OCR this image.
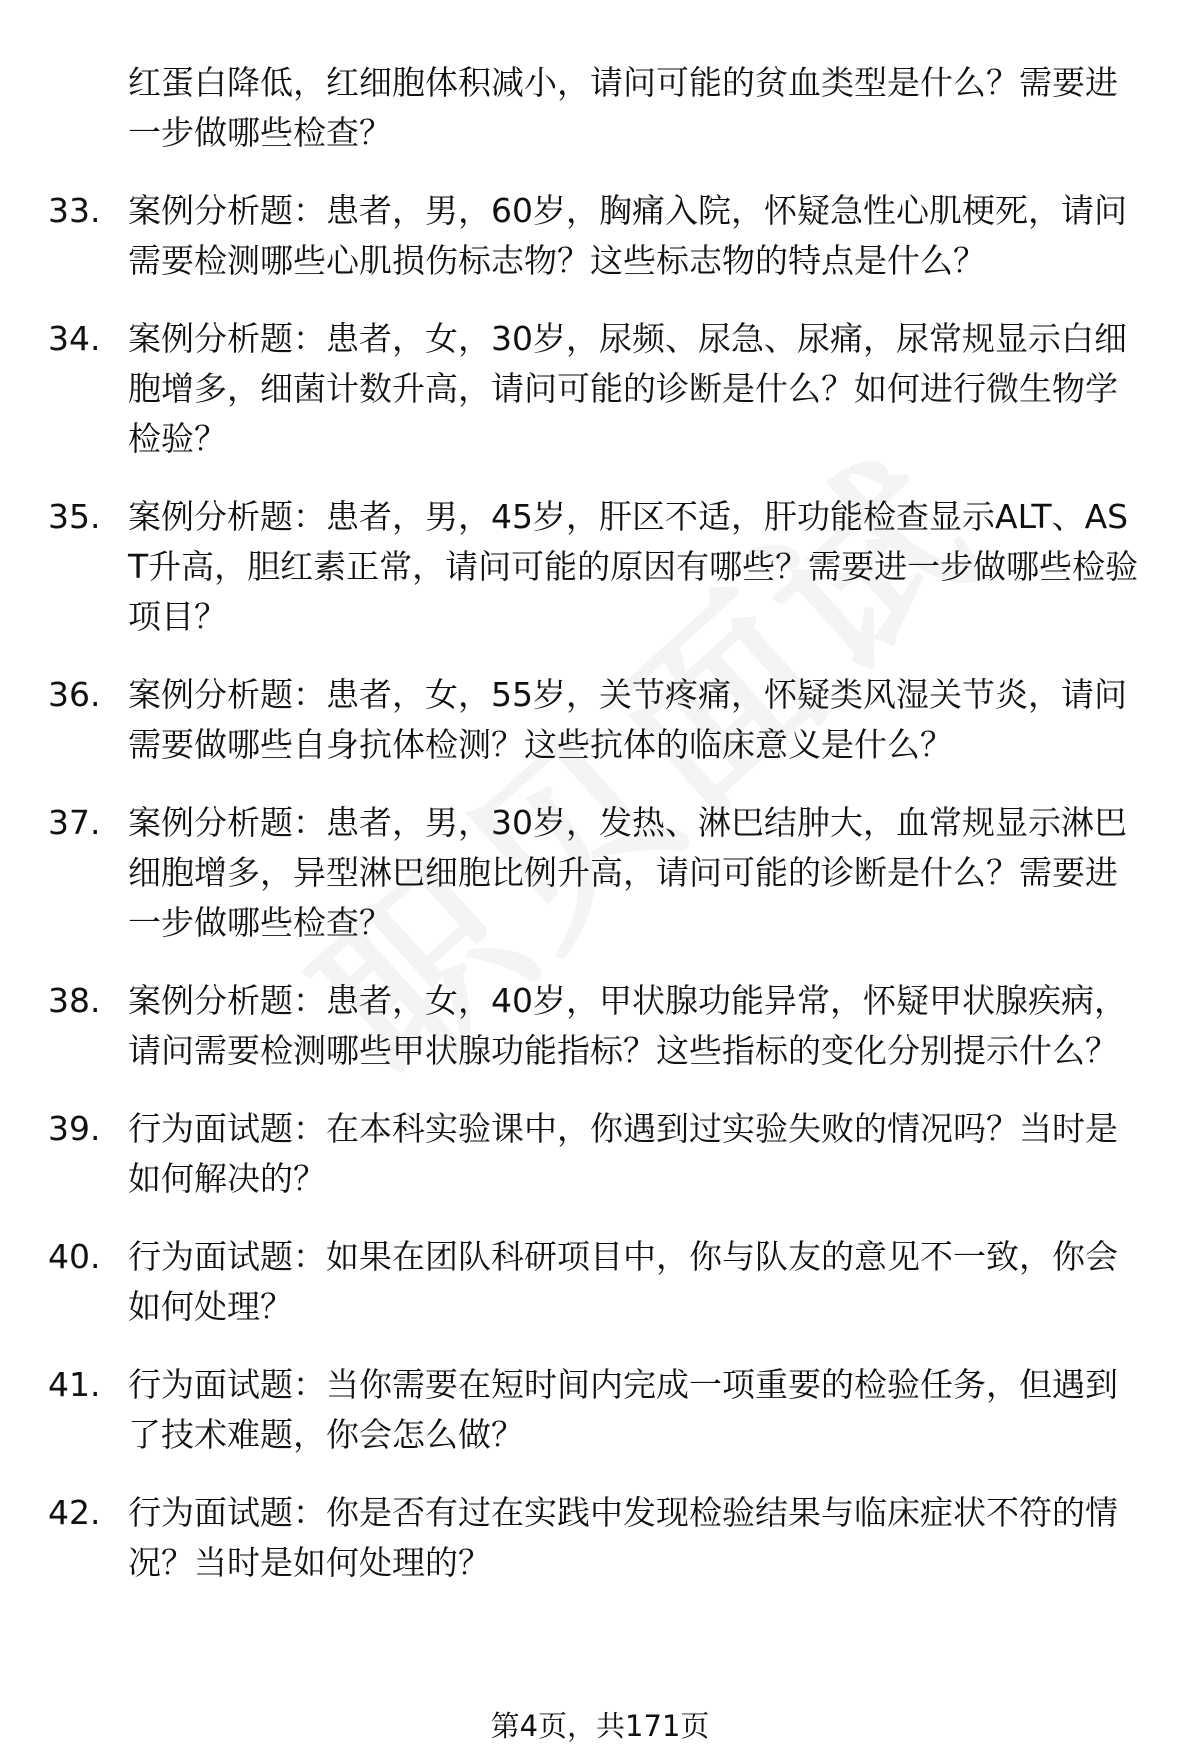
红蛋白降低，红细胞体积减小，请问可能的贫血类型是什么？需要进一步做哪些检查？
33. 案例分析题：患者，男，60岁，胸痛入院，怀疑急性心肌梗死，请问需要检测哪些心肌损伤标志物？这些标志物的特点是什么？
34. 案例分析题：患者，女，30岁，尿频、尿急、尿痛，尿常规显示白细胞增多，细菌计数升高，请问可能的诊断是什么？如何进行微生物学检验？
35. 案例分析题：患者，男，45岁，肝区不适，肝功能检查显示ALT、AST升高，胆红素正常，请问可能的原因有哪些？需要进一步做哪些检验项目？
36. 案例分析题：患者，女，55岁，关节疼痛，怀疑类风湿关节炎，请问需要做哪些自身抗体检测？这些抗体的临床意义是什么？
37. 案例分析题：患者，男，30岁，发热、淋巴结肿大，血常规显示淋巴细胞增多，异型淋巴细胞比例升高，请问可能的诊断是什么？需要进一步做哪些检查？
38. 案例分析题：患者，女，40岁，甲状腺功能异常，怀疑甲状腺疾病，请问需要检测哪些甲状腺功能指标？这些指标的变化分别提示什么？
39. 行为面试题：在本科实验课中，你遇到过实验失败的情况吗？当时是如何解决的？
40. 行为面试题：如果在团队科研项目中，你与队友的意见不一致，你会如何处理？
41. 行为面试题：当你需要在短时间内完成一项重要的检验任务，但遇到了技术难题，你会怎么做？
42. 行为面试题：你是否有过在实践中发现检验结果与临床症状不符的情况？当时是如何处理的？
第4页，共171页
